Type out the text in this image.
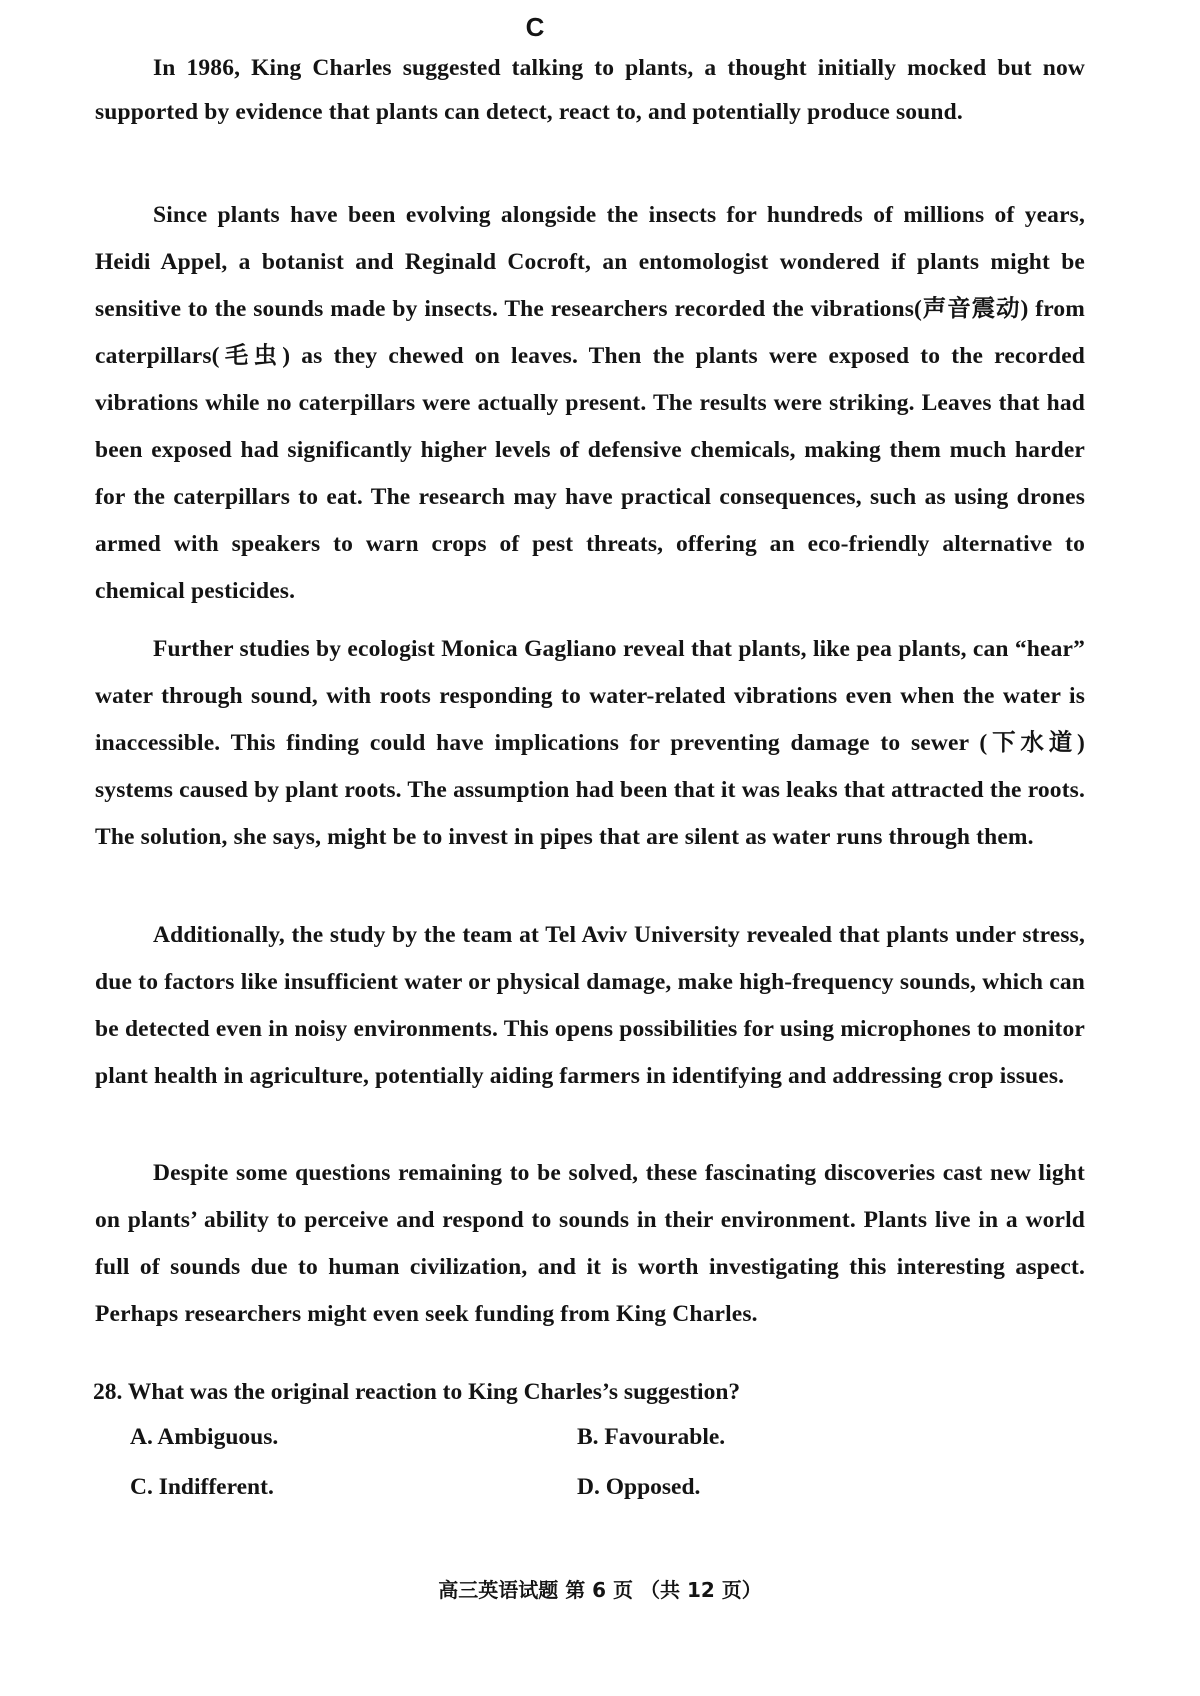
C

In 1986, King Charles suggested talking to plants, a thought initially mocked but now supported by evidence that plants can detect, react to, and potentially produce sound.

Since plants have been evolving alongside the insects for hundreds of millions of years, Heidi Appel, a botanist and Reginald Cocroft, an entomologist wondered if plants might be sensitive to the sounds made by insects. The researchers recorded the vibrations(声音震动) from caterpillars(毛虫) as they chewed on leaves. Then the plants were exposed to the recorded vibrations while no caterpillars were actually present. The results were striking. Leaves that had been exposed had significantly higher levels of defensive chemicals, making them much harder for the caterpillars to eat. The research may have practical consequences, such as using drones armed with speakers to warn crops of pest threats, offering an eco-friendly alternative to chemical pesticides.

Further studies by ecologist Monica Gagliano reveal that plants, like pea plants, can “hear” water through sound, with roots responding to water-related vibrations even when the water is inaccessible. This finding could have implications for preventing damage to sewer (下水道) systems caused by plant roots. The assumption had been that it was leaks that attracted the roots. The solution, she says, might be to invest in pipes that are silent as water runs through them.

Additionally, the study by the team at Tel Aviv University revealed that plants under stress, due to factors like insufficient water or physical damage, make high-frequency sounds, which can be detected even in noisy environments. This opens possibilities for using microphones to monitor plant health in agriculture, potentially aiding farmers in identifying and addressing crop issues.

Despite some questions remaining to be solved, these fascinating discoveries cast new light on plants’ ability to perceive and respond to sounds in their environment. Plants live in a world full of sounds due to human civilization, and it is worth investigating this interesting aspect. Perhaps researchers might even seek funding from King Charles.

28. What was the original reaction to King Charles’s suggestion?

A. Ambiguous.	B. Favourable.
C. Indifferent.	D. Opposed.
高三英语试题 第 6 页 （共 12 页）
